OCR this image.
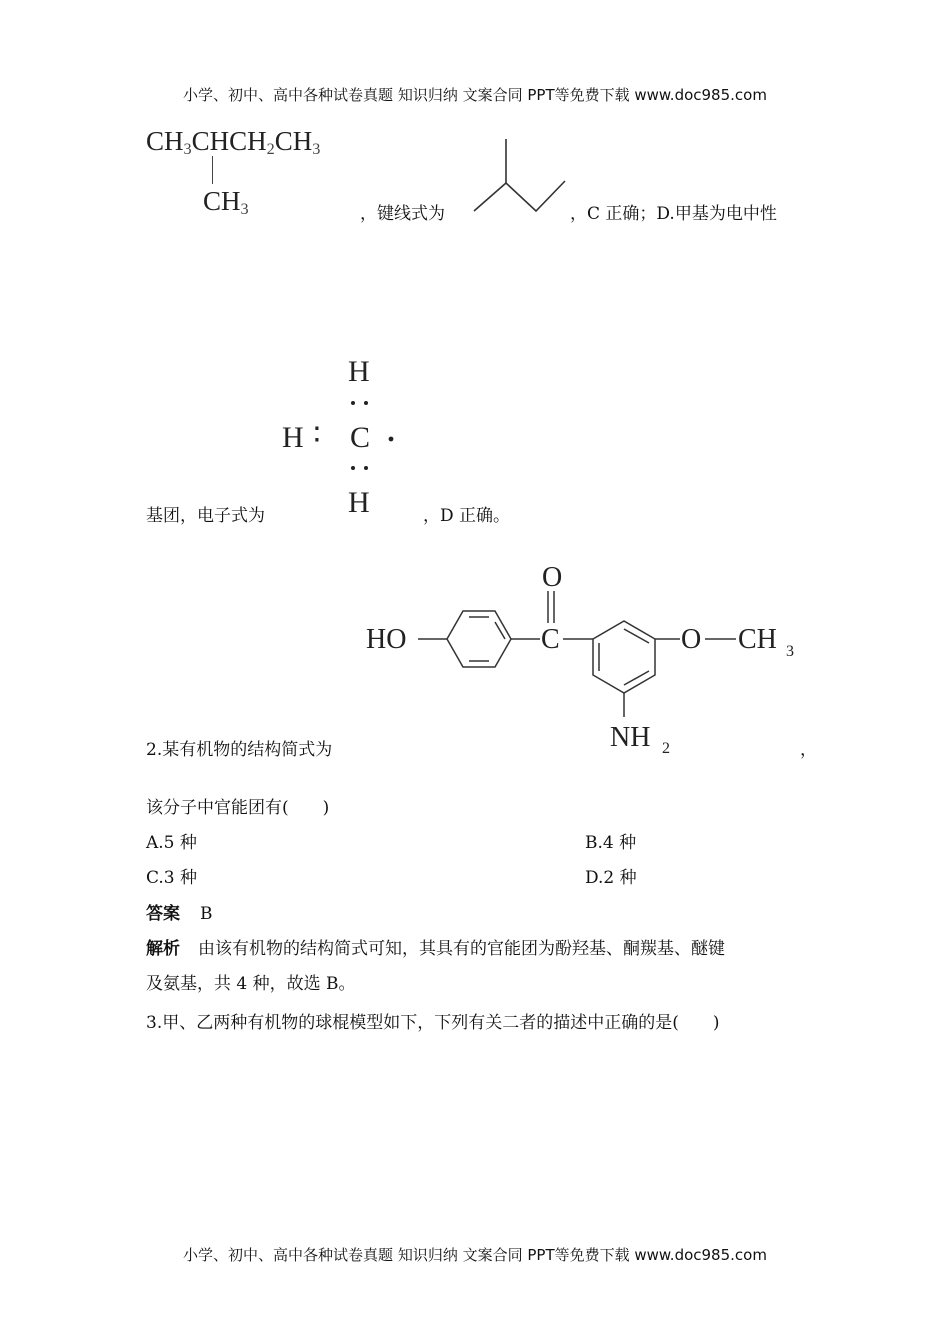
小学、初中、高中各种试卷真题 知识归纳 文案合同 PPT等免费下载 www.doc985.com
$CH_3CHCH_2CH_3$
$CH_3$	，键线式为	，C 正确；D.甲基为电中性
H
H ∶ C
H
基团，电子式为	，D 正确。
O
HO	C	O CH 3
NH 2
2.某有机物的结构简式为	，
该分子中官能团有(　　)
A.5 种	B.4 种
C.3 种	D.2 种
答案 B
解析 由该有机物的结构简式可知，其具有的官能团为酚羟基、酮羰基、醚键
及氨基，共 4 种，故选 B。
3.甲、乙两种有机物的球棍模型如下，下列有关二者的描述中正确的是(　　)
小学、初中、高中各种试卷真题 知识归纳 文案合同 PPT等免费下载 www.doc985.com
